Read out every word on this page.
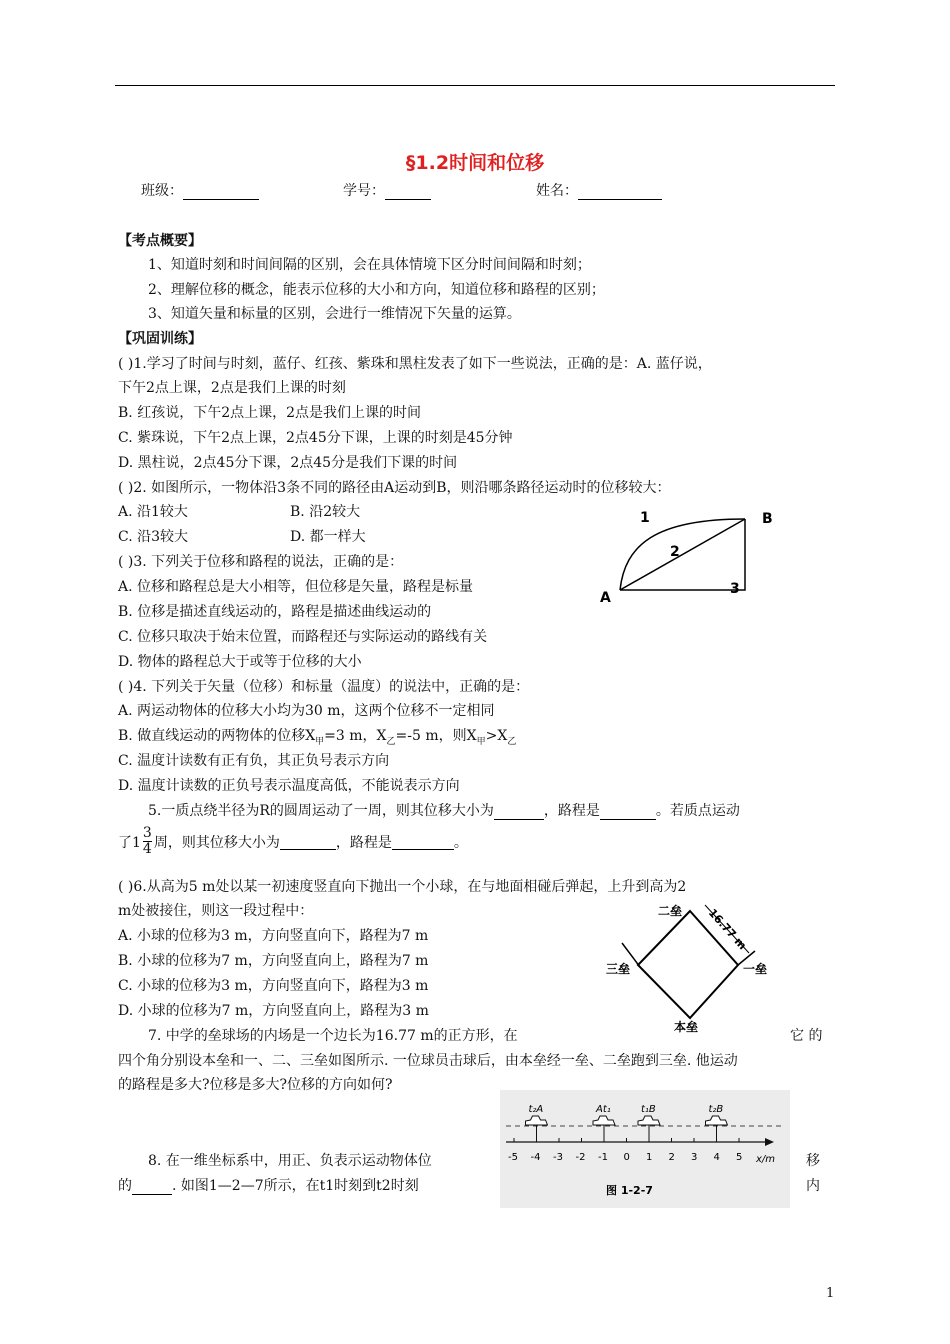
§1.2时间和位移
班级：	学号：	姓名：
【考点概要】
1、知道时刻和时间间隔的区别，会在具体情境下区分时间间隔和时刻；
2、理解位移的概念，能表示位移的大小和方向，知道位移和路程的区别；
3、知道矢量和标量的区别，会进行一维情况下矢量的运算。
【巩固训练】
( )1.学习了时间与时刻，蓝仔、红孩、紫珠和黑柱发表了如下一些说法，正确的是：A. 蓝仔说，
下午2点上课，2点是我们上课的时刻
B. 红孩说，下午2点上课，2点是我们上课的时间
C. 紫珠说，下午2点上课，2点45分下课，上课的时刻是45分钟
D. 黑柱说，2点45分下课，2点45分是我们下课的时间
( )2. 如图所示，一物体沿3条不同的路径由A运动到B，则沿哪条路径运动时的位移较大：
A. 沿1较大	B. 沿2较大
C. 沿3较大	D. 都一样大
1
2
3
A
B
( )3. 下列关于位移和路程的说法，正确的是：
A. 位移和路程总是大小相等，但位移是矢量，路程是标量
B. 位移是描述直线运动的，路程是描述曲线运动的
C. 位移只取决于始末位置，而路程还与实际运动的路线有关
D. 物体的路程总大于或等于位移的大小
( )4. 下列关于矢量（位移）和标量（温度）的说法中，正确的是：
A. 两运动物体的位移大小均为30 m，这两个位移不一定相同
B. 做直线运动的两物体的位移$X_甲=3$ m，$X_乙=-5$ m，则$X_甲>X_乙$
C. 温度计读数有正有负，其正负号表示方向
D. 温度计读数的正负号表示温度高低，不能说表示方向
5.一质点绕半径为R的圆周运动了一周，则其位移大小为	，路程是	。若质点运动
了$1 \frac{3}{4}$ 周，则其位移大小为	，路程是	。
( )6.从高为5 m处以某一初速度竖直向下抛出一个小球，在与地面相碰后弹起，上升到高为2
m处被接住，则这一段过程中：
A. 小球的位移为3 m，方向竖直向下，路程为7 m
B. 小球的位移为7 m，方向竖直向上，路程为7 m
C. 小球的位移为3 m，方向竖直向下，路程为3 m
D. 小球的位移为7 m，方向竖直向上，路程为3 m
16.77 m
二垒
一垒
三垒
本垒
7. 中学的垒球场的内场是一个边长为16.77 m的正方形，在	它 的
四个角分别设本垒和一、二、三垒如图所示. 一位球员击球后，由本垒经一垒、二垒跑到三垒. 他运动
的路程是多大?位移是多大?位移的方向如何?
-5 -4 -3 -2 -1 0 1 2 3 4 5
t₂A	At₁	t₁B	t₂B
x/m
图 1-2-7
8. 在一维坐标系中，用正、负表示运动物体位	移
的	. 如图1—2—7所示，在t1时刻到t2时刻	内
1
